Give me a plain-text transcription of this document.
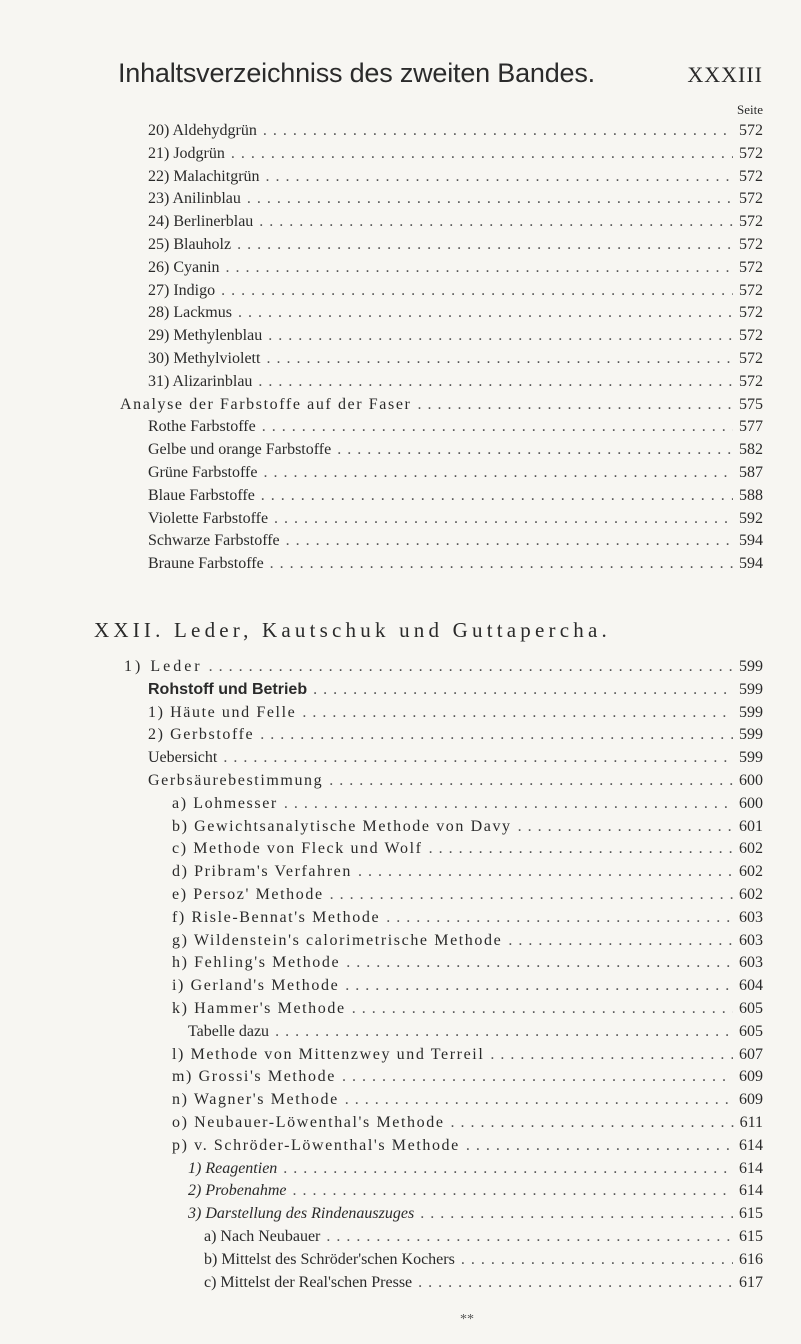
Inhaltsverzeichniss des zweiten Bandes.	XXXIII
Seite
20) Aldehydgrün .....	572
21) Jodgrün .....	572
22) Malachitgrün .....	572
23) Anilinblau .....	572
24) Berlinerblau .....	572
25) Blauholz .....	572
26) Cyanin .....	572
27) Indigo .....	572
28) Lackmus .....	572
29) Methylenblau .....	572
30) Methylviolett .....	572
31) Alizarinblau .....	572
Analyse der Farbstoffe auf der Faser .....	575
Rothe Farbstoffe .....	577
Gelbe und orange Farbstoffe .....	582
Grüne Farbstoffe .....	587
Blaue Farbstoffe .....	588
Violette Farbstoffe .....	592
Schwarze Farbstoffe .....	594
Braune Farbstoffe .....	594
XXII. Leder, Kautschuk und Guttapercha.
1) Leder .....	599
Rohstoff und Betrieb .....	599
1) Häute und Felle .....	599
2) Gerbstoffe .....	599
Uebersicht .....	599
Gerbsäurebestimmung .....	600
a) Lohmesser .....	600
b) Gewichtsanalytische Methode von Davy .....	601
c) Methode von Fleck und Wolf .....	602
d) Pribram's Verfahren .....	602
e) Persoz' Methode .....	602
f) Risle-Bennat's Methode .....	603
g) Wildenstein's calorimetrische Methode .....	603
h) Fehling's Methode .....	603
i) Gerland's Methode .....	604
k) Hammer's Methode .....	605
Tabelle dazu .....	605
l) Methode von Mittenzwey und Terreil .....	607
m) Grossi's Methode .....	609
n) Wagner's Methode .....	609
o) Neubauer-Löwenthal's Methode .....	611
p) v. Schröder-Löwenthal's Methode .....	614
1) Reagentien .....	614
2) Probenahme .....	614
3) Darstellung des Rindenauszuges .....	615
a) Nach Neubauer .....	615
b) Mittelst des Schröder'schen Kochers .....	616
c) Mittelst der Real'schen Presse .....	617
**
